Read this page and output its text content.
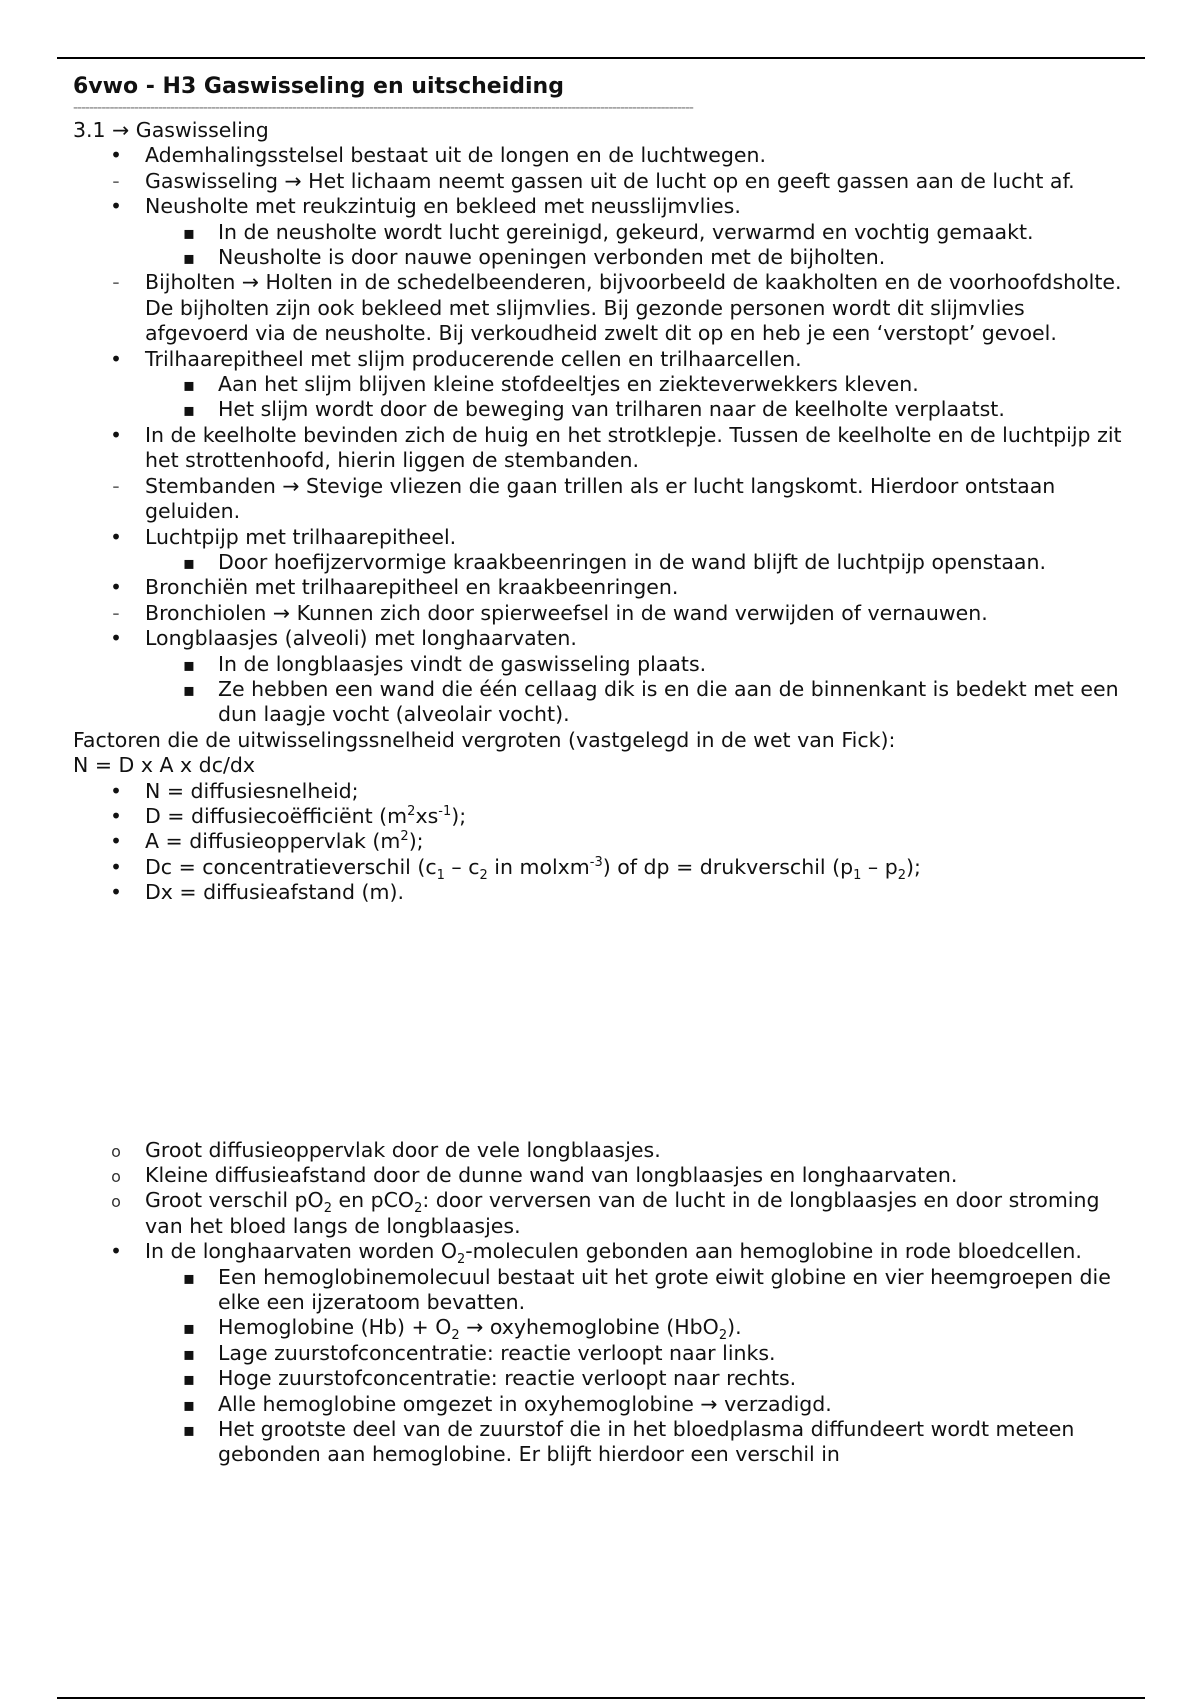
6vwo - H3 Gaswisseling en uitscheiding
---------------------------------------------------------------------------------------------------------------------------------------------------------
3.1 → Gaswisseling
•
Ademhalingsstelsel bestaat uit de longen en de luchtwegen.
-
Gaswisseling → Het lichaam neemt gassen uit de lucht op en geeft gassen aan de lucht af.
•
Neusholte met reukzintuig en bekleed met neusslijmvlies.
▪
In de neusholte wordt lucht gereinigd, gekeurd, verwarmd en vochtig gemaakt.
▪
Neusholte is door nauwe openingen verbonden met de bijholten.
-
Bijholten → Holten in de schedelbeenderen, bijvoorbeeld de kaakholten en de voorhoofdsholte. De bijholten zijn ook bekleed met slijmvlies. Bij gezonde personen wordt dit slijmvlies afgevoerd via de neusholte. Bij verkoudheid zwelt dit op en heb je een ‘verstopt’ gevoel.
•
Trilhaarepitheel met slijm producerende cellen en trilhaarcellen.
▪
Aan het slijm blijven kleine stofdeeltjes en ziekteverwekkers kleven.
▪
Het slijm wordt door de beweging van trilharen naar de keelholte verplaatst.
•
In de keelholte bevinden zich de huig en het strotklepje. Tussen de keelholte en de luchtpijp zit het strottenhoofd, hierin liggen de stembanden.
-
Stembanden → Stevige vliezen die gaan trillen als er lucht langskomt. Hierdoor ontstaan geluiden.
•
Luchtpijp met trilhaarepitheel.
▪
Door hoefijzervormige kraakbeenringen in de wand blijft de luchtpijp openstaan.
•
Bronchiën met trilhaarepitheel en kraakbeenringen.
-
Bronchiolen → Kunnen zich door spierweefsel in de wand verwijden of vernauwen.
•
Longblaasjes (alveoli) met longhaarvaten.
▪
In de longblaasjes vindt de gaswisseling plaats.
▪
Ze hebben een wand die één cellaag dik is en die aan de binnenkant is bedekt met een dun laagje vocht (alveolair vocht).
Factoren die de uitwisselingssnelheid vergroten (vastgelegd in de wet van Fick):
N = D x A x dc/dx
•
N = diffusiesnelheid;
•
D = diffusiecoëfficiënt $(m^2xs^{-1})$;
•
A = diffusieoppervlak $(m^2)$;
•
Dc = concentratieverschil ($c_1 - c_2$ in molxm$^{-3}$) of dp = drukverschil $(p_1 - p_2)$;
•
Dx = diffusieafstand (m).
o
Groot diffusieoppervlak door de vele longblaasjes.
o
Kleine diffusieafstand door de dunne wand van longblaasjes en longhaarvaten.
o
Groot verschil $pO_2$ en pCO$_2$: door verversen van de lucht in de longblaasjes en door stroming van het bloed langs de longblaasjes.
•
In de longhaarvaten worden $O_2$-moleculen gebonden aan hemoglobine in rode bloedcellen.
▪
Een hemoglobinemolecuul bestaat uit het grote eiwit globine en vier heemgroepen die elke een ijzeratoom bevatten.
▪
Hemoglobine $(Hb) + O_2$ → oxyhemoglobine (HbO$_2$).
▪
Lage zuurstofconcentratie: reactie verloopt naar links.
▪
Hoge zuurstofconcentratie: reactie verloopt naar rechts.
▪
Alle hemoglobine omgezet in oxyhemoglobine → verzadigd.
▪
Het grootste deel van de zuurstof die in het bloedplasma diffundeert wordt meteen gebonden aan hemoglobine. Er blijft hierdoor een verschil in
